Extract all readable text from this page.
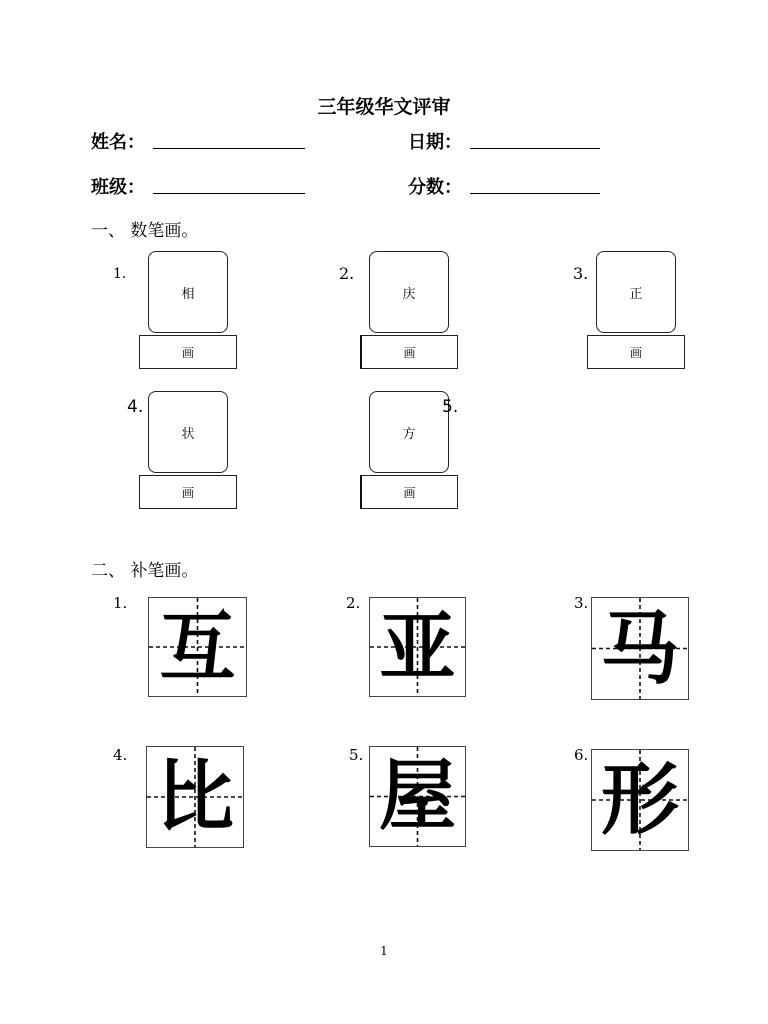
三年级华文评审
姓名：	日期：
班级：	分数：
一、 数笔画。
1.
相
画
2.
庆
画
3.
正
画
4.
状
画
方
画
5.
二、 补笔画。
1. 互	2. 亚	3. 马
4. 比	5. 屋	6. 形
1
